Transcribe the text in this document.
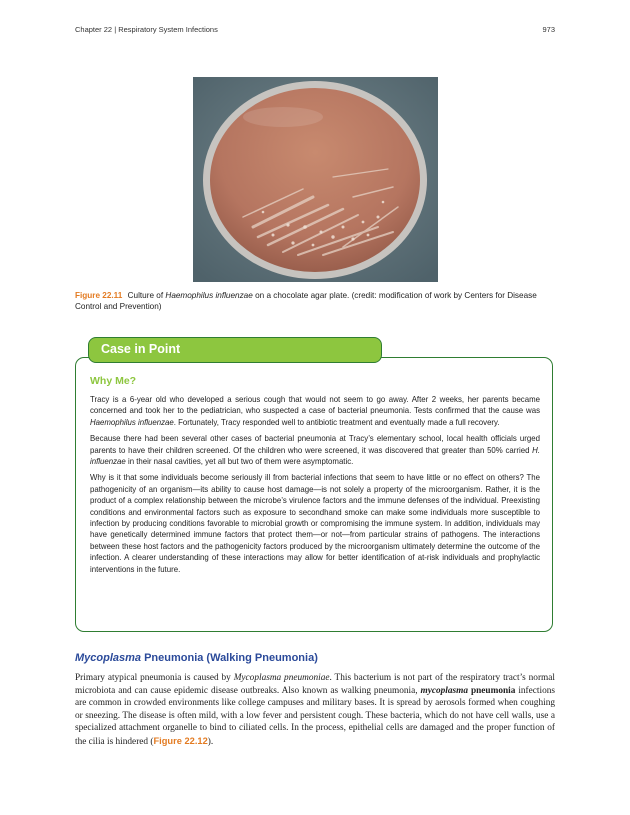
Chapter 22 | Respiratory System Infections	973
Figure 22.11 Culture of Haemophilus influenzae on a chocolate agar plate. (credit: modification of work by Centers for Disease Control and Prevention)
Case in Point
Why Me?

Tracy is a 6-year old who developed a serious cough that would not seem to go away. After 2 weeks, her parents became concerned and took her to the pediatrician, who suspected a case of bacterial pneumonia. Tests confirmed that the cause was Haemophilus influenzae. Fortunately, Tracy responded well to antibiotic treatment and eventually made a full recovery.

Because there had been several other cases of bacterial pneumonia at Tracy’s elementary school, local health officials urged parents to have their children screened. Of the children who were screened, it was discovered that greater than 50% carried H. influenzae in their nasal cavities, yet all but two of them were asymptomatic.

Why is it that some individuals become seriously ill from bacterial infections that seem to have little or no effect on others? The pathogenicity of an organism—its ability to cause host damage—is not solely a property of the microorganism. Rather, it is the product of a complex relationship between the microbe’s virulence factors and the immune defenses of the individual. Preexisting conditions and environmental factors such as exposure to secondhand smoke can make some individuals more susceptible to infection by producing conditions favorable to microbial growth or compromising the immune system. In addition, individuals may have genetically determined immune factors that protect them—or not—from particular strains of pathogens. The interactions between these host factors and the pathogenicity factors produced by the microorganism ultimately determine the outcome of the infection. A clearer understanding of these interactions may allow for better identification of at-risk individuals and prophylactic interventions in the future.

Mycoplasma Pneumonia (Walking Pneumonia)
Primary atypical pneumonia is caused by Mycoplasma pneumoniae. This bacterium is not part of the respiratory tract’s normal microbiota and can cause epidemic disease outbreaks. Also known as walking pneumonia, mycoplasma pneumonia infections are common in crowded environments like college campuses and military bases. It is spread by aerosols formed when coughing or sneezing. The disease is often mild, with a low fever and persistent cough. These bacteria, which do not have cell walls, use a specialized attachment organelle to bind to ciliated cells. In the process, epithelial cells are damaged and the proper function of the cilia is hindered (Figure 22.12).
